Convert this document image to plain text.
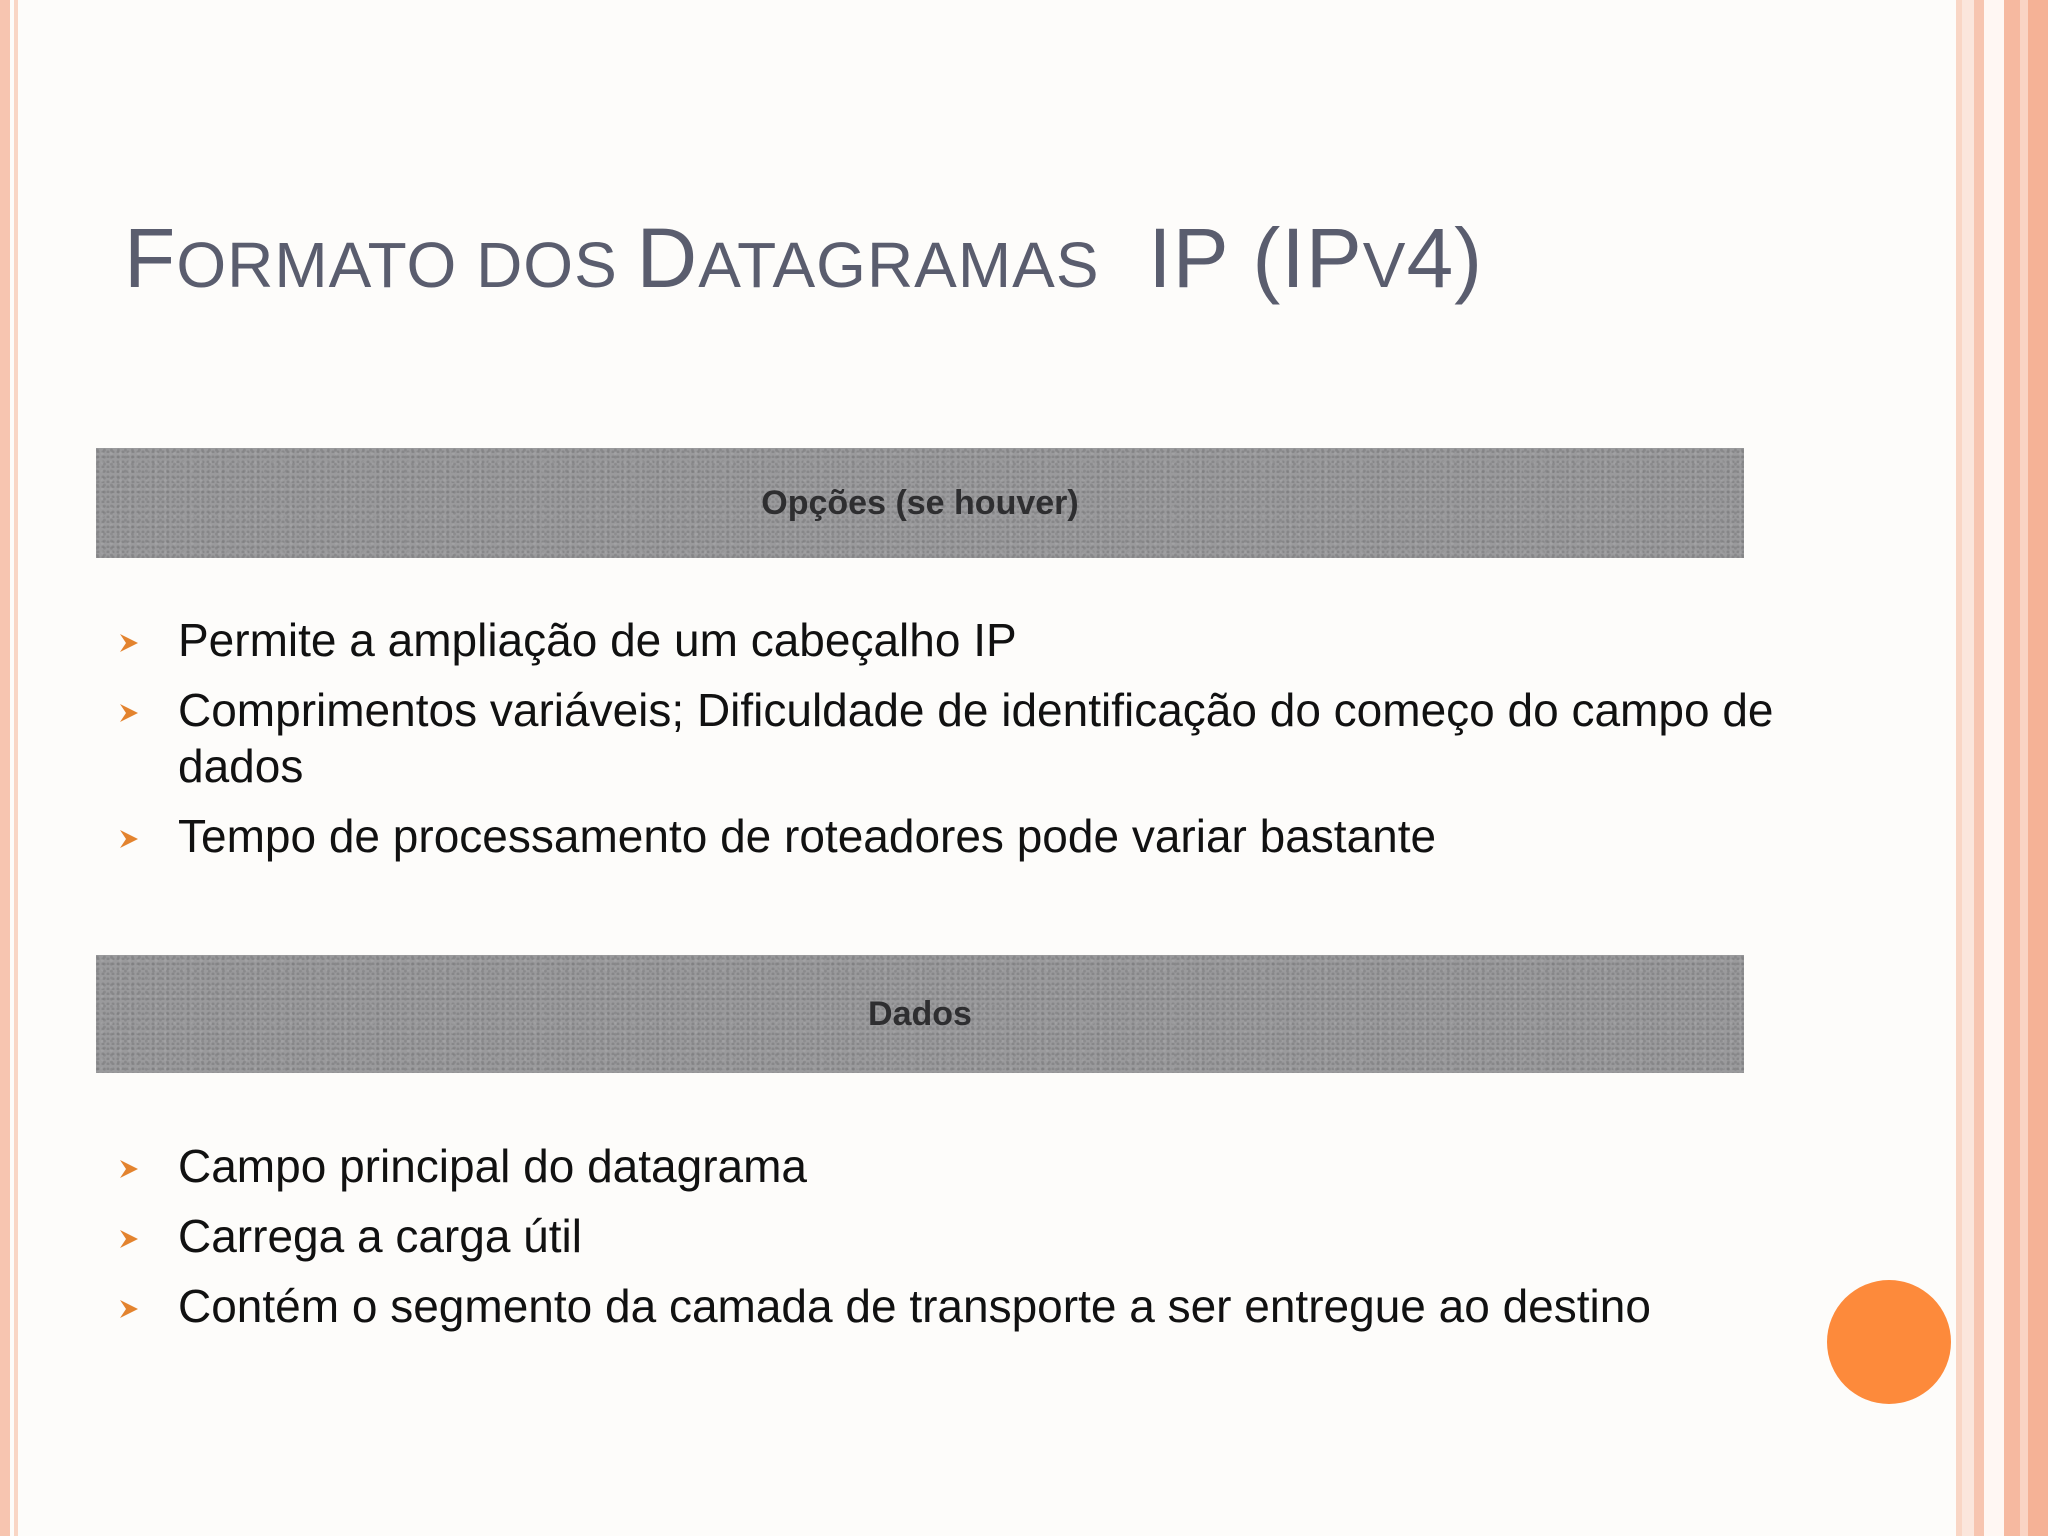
FORMATO DOS DATAGRAMAS IP (IPV4)
Opções (se houver)
Permite a ampliação de um cabeçalho IP
Comprimentos variáveis; Dificuldade de identificação do começo do campo de dados
Tempo de processamento de roteadores pode variar bastante
Dados
Campo principal do datagrama
Carrega a carga útil
Contém o segmento da camada de transporte a ser entregue ao destino
